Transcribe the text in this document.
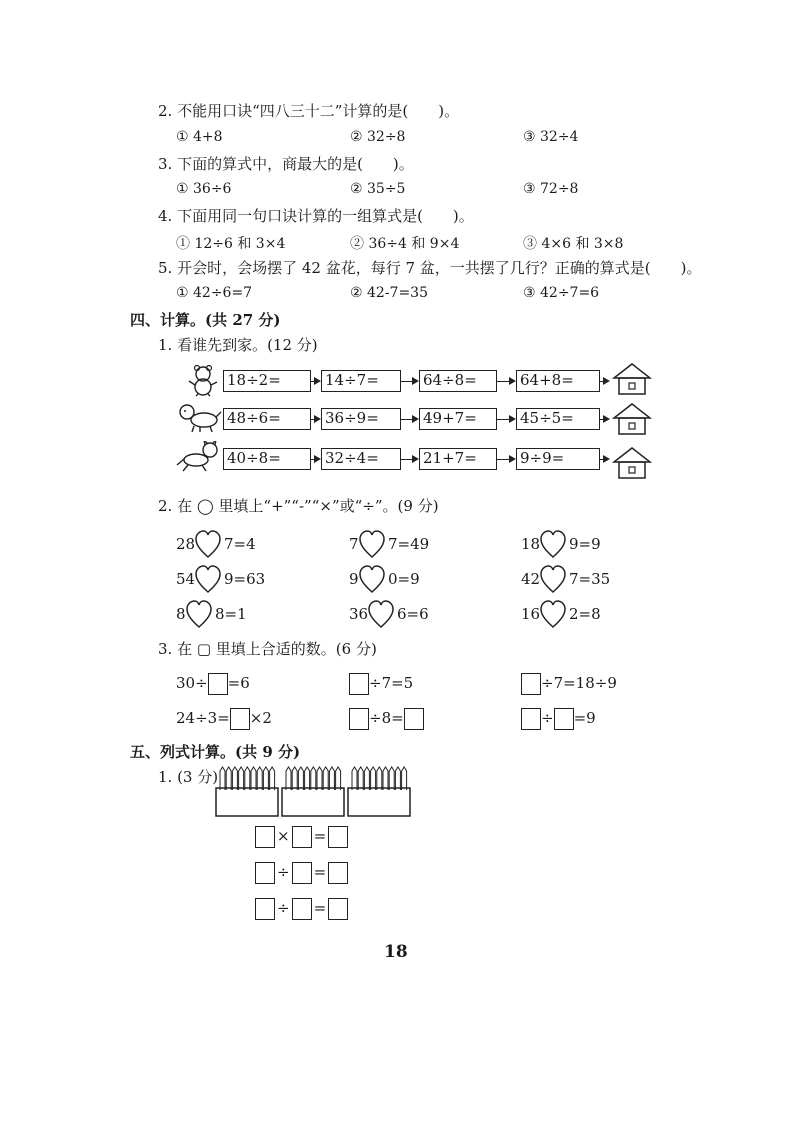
2. 不能用口诀“四八三十二”计算的是(　　)。
① 4+8	② 32÷8	③ 32÷4
3. 下面的算式中，商最大的是(　　)。
① 36÷6	② 35÷5	③ 72÷8
4. 下面用同一句口诀计算的一组算式是(　　)。
① 12÷6 和 3×4	② 36÷4 和 9×4	③ 4×6 和 3×8
5. 开会时，会场摆了 42 盆花，每行 7 盆，一共摆了几行？正确的算式是(　　)。
① 42÷6=7	② 42-7=35	③ 42÷7=6
四、计算。(共 27 分)
1. 看谁先到家。(12 分)
18÷2=	14÷7=	64÷8=	64+8=
48÷6=	36÷9=	49+7=	45÷5=
40÷8=	32÷4=	21+7=	9÷9=
2. 在 ◯ 里填上“+”“-”“×”或“÷”。(9 分)
28 7=4	7 7=49	18 9=9
54 9=63	9 0=9	42 7=35
8 8=1	36 6=6	16 2=8
3. 在 ▢ 里填上合适的数。(6 分)
30÷ =6	÷7=5	÷7=18÷9
24÷3= ×2	÷8=	÷ =9
五、列式计算。(共 9 分)
1. (3 分)
× =
÷ =
÷ =
18
